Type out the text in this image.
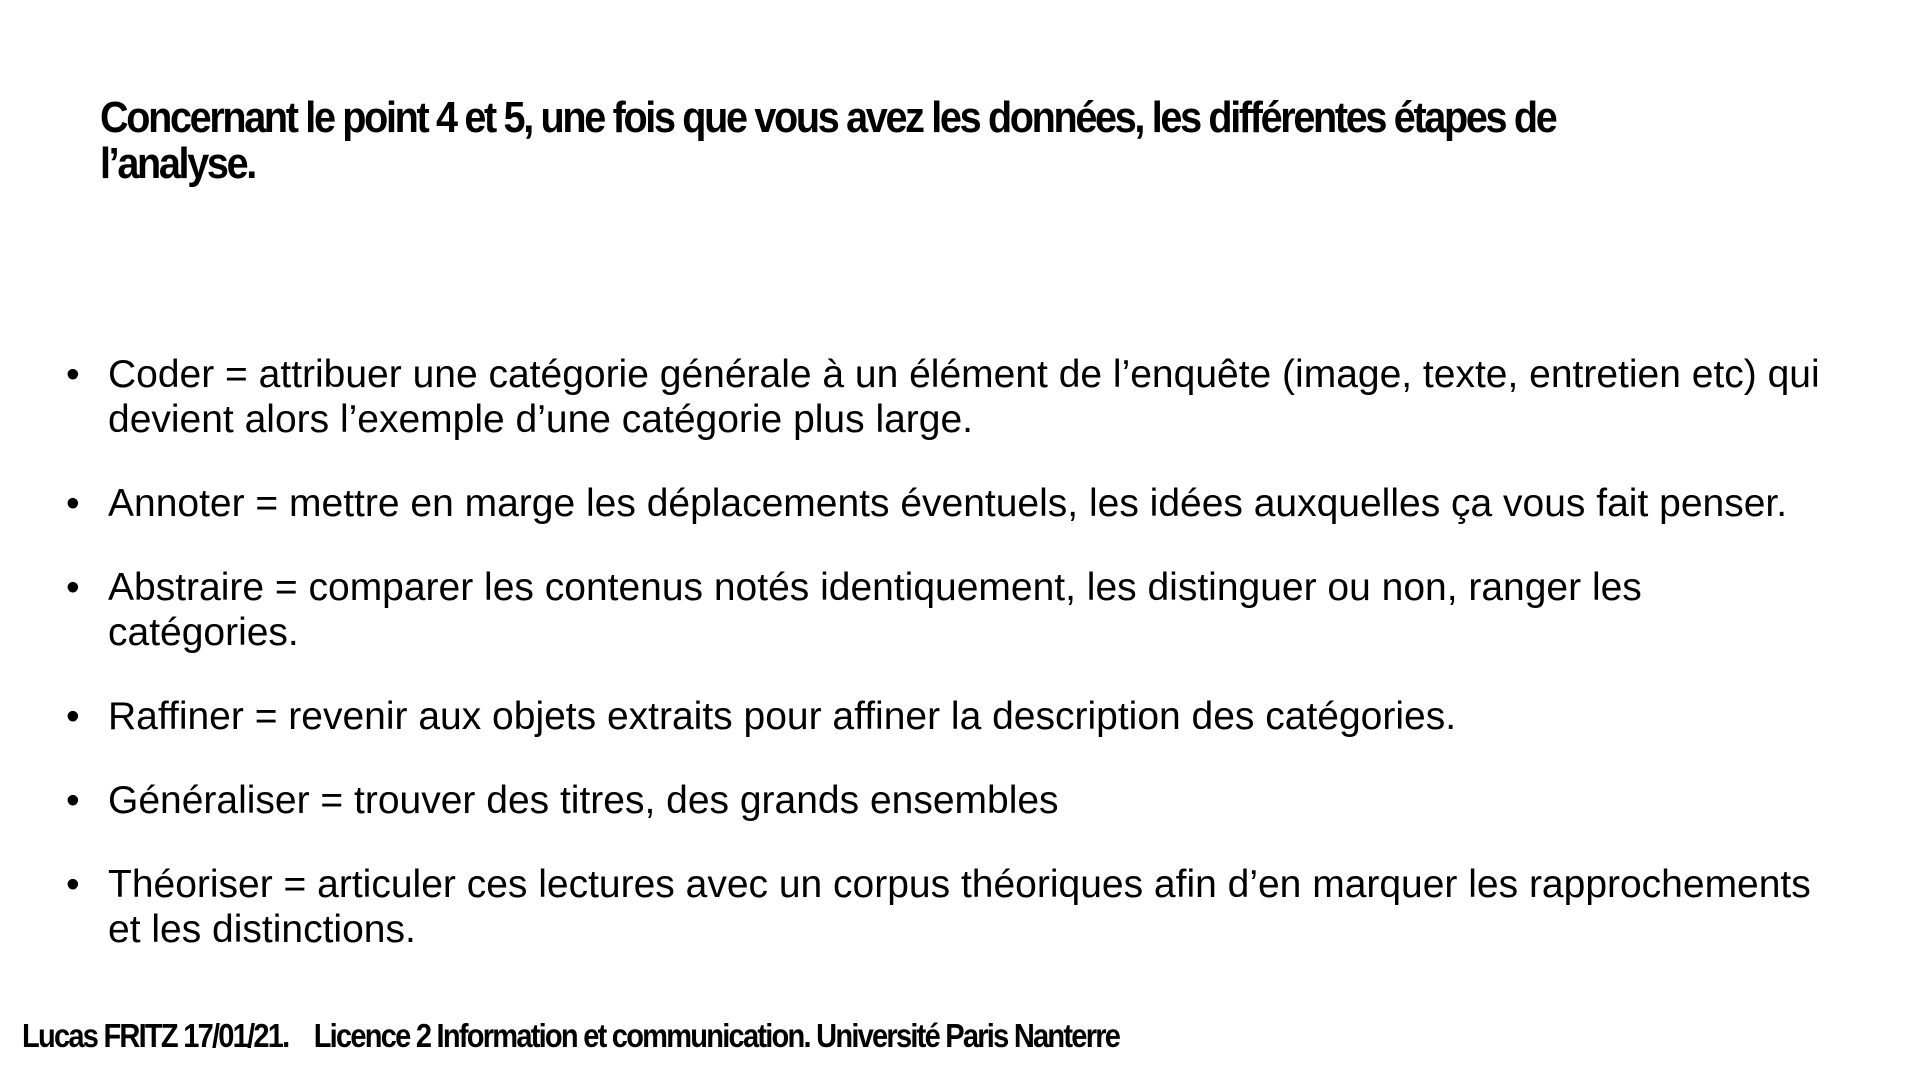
Concernant le point 4 et 5, une fois que vous avez les données, les différentes étapes de l’analyse.
• Coder = attribuer une catégorie générale à un élément de l’enquête (image, texte, entretien etc) qui devient alors l’exemple d’une catégorie plus large.
• Annoter = mettre en marge les déplacements éventuels, les idées auxquelles ça vous fait penser.
• Abstraire = comparer les contenus notés identiquement, les distinguer ou non, ranger les catégories.
• Raffiner = revenir aux objets extraits pour affiner la description des catégories.
• Généraliser = trouver des titres, des grands ensembles
• Théoriser = articuler ces lectures avec un corpus théoriques afin d’en marquer les rapprochements et les distinctions.

Lucas FRITZ 17/01/21.    Licence 2 Information et communication. Université Paris Nanterre
